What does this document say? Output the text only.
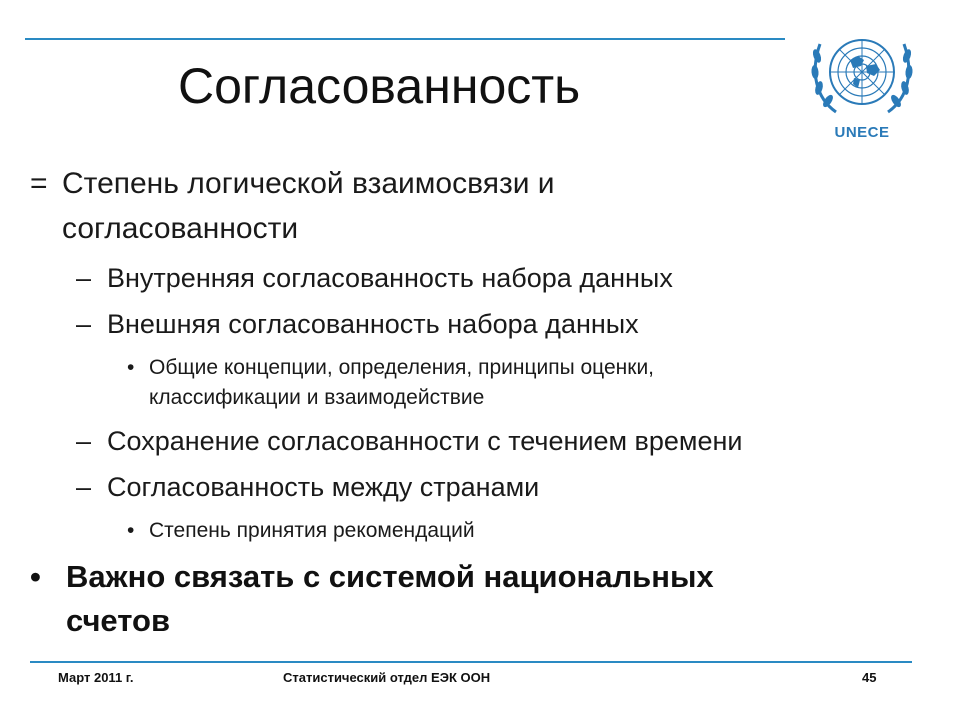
Согласованность
UNECE
= Степень логической взаимосвязи и
согласованности
– Внутренняя согласованность набора данных
– Внешняя согласованность набора данных
• Общие концепции, определения, принципы оценки,
классификации и взаимодействие
– Сохранение согласованности с течением времени
– Согласованность между странами
• Степень принятия рекомендаций
• Важно связать с системой национальных
счетов
Март 2011 г.	Статистический отдел ЕЭК ООН	45
